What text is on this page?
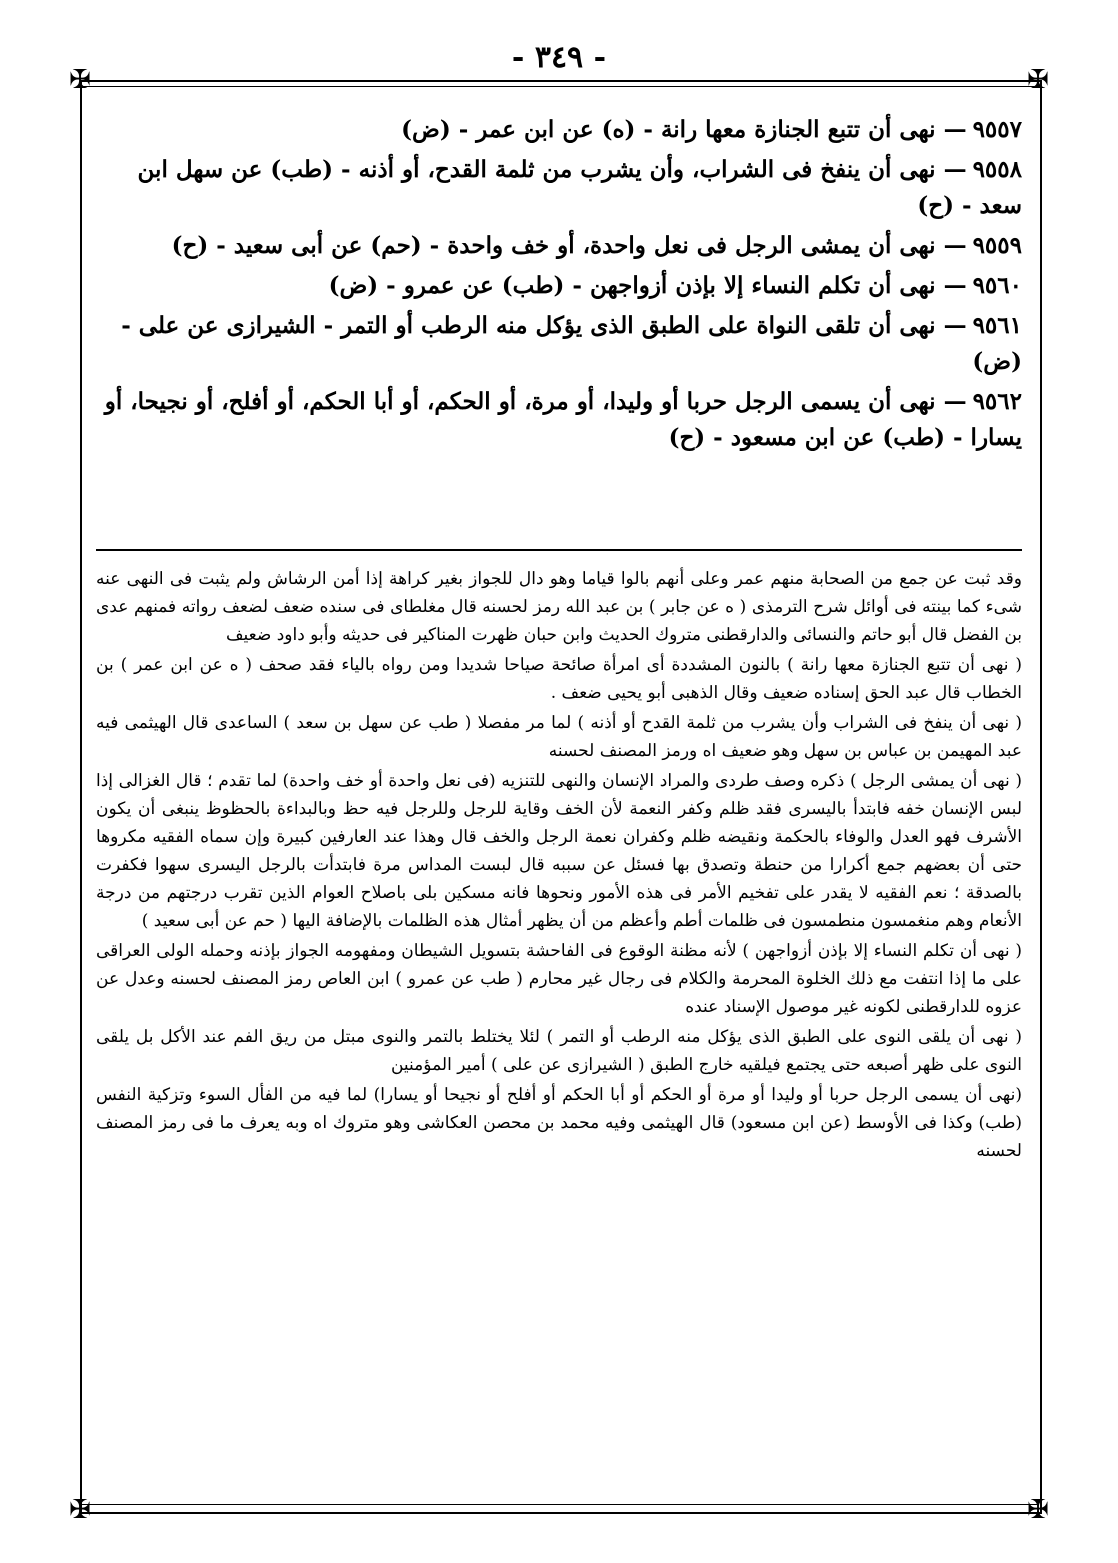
- ٣٤٩ -
✠	✠
✠	✠

٩٥٥٧— نهى أن تتبع الجنازة معها رانة - (ه) عن ابن عمر - (ض)

٩٥٥٨— نهى أن ينفخ فى الشراب، وأن يشرب من ثلمة القدح، أو أذنه - (طب) عن سهل ابن سعد - (ح)

٩٥٥٩— نهى أن يمشى الرجل فى نعل واحدة، أو خف واحدة - (حم) عن أبى سعيد - (ح)

٩٥٦٠— نهى أن تكلم النساء إلا بإذن أزواجهن - (طب) عن عمرو - (ض)

٩٥٦١— نهى أن تلقى النواة على الطبق الذى يؤكل منه الرطب أو التمر - الشيرازى عن على - (ض)

٩٥٦٢— نهى أن يسمى الرجل حربا أو وليدا، أو مرة، أو الحكم، أو أبا الحكم، أو أفلح، أو نجيحا، أو يسارا - (طب) عن ابن مسعود - (ح)

وقد ثبت عن جمع من الصحابة منهم عمر وعلى أنهم بالوا قياما وهو دال للجواز بغير كراهة إذا أمن الرشاش ولم يثبت فى النهى عنه شىء كما بينته فى أوائل شرح الترمذى ( ه عن جابر ) بن عبد الله رمز لحسنه قال مغلطاى فى سنده ضعف لضعف رواته فمنهم عدى بن الفضل قال أبو حاتم والنسائى والدارقطنى متروك الحديث وابن حبان ظهرت المناكير فى حديثه وأبو داود ضعيف

( نهى أن تتبع الجنازة معها رانة ) بالنون المشددة أى امرأة صائحة صياحا شديدا ومن رواه بالياء فقد صحف ( ه عن ابن عمر ) بن الخطاب قال عبد الحق إسناده ضعيف وقال الذهبى أبو يحيى ضعف .

( نهى أن ينفخ فى الشراب وأن يشرب من ثلمة القدح أو أذنه ) لما مر مفصلا ( طب عن سهل بن سعد ) الساعدى قال الهيثمى فيه عبد المهيمن بن عباس بن سهل وهو ضعيف اه ورمز المصنف لحسنه

( نهى أن يمشى الرجل ) ذكره وصف طردى والمراد الإنسان والنهى للتنزيه (فى نعل واحدة أو خف واحدة) لما تقدم ؛ قال الغزالى إذا لبس الإنسان خفه فابتدأ باليسرى فقد ظلم وكفر النعمة لأن الخف وقاية للرجل وللرجل فيه حظ وبالبداءة بالحظوظ ينبغى أن يكون الأشرف فهو العدل والوفاء بالحكمة ونقيضه ظلم وكفران نعمة الرجل والخف قال وهذا عند العارفين كبيرة وإن سماه الفقيه مكروها حتى أن بعضهم جمع أكرارا من حنطة وتصدق بها فسئل عن سببه قال لبست المداس مرة فابتدأت بالرجل اليسرى سهوا فكفرت بالصدقة ؛ نعم الفقيه لا يقدر على تفخيم الأمر فى هذه الأمور ونحوها فانه مسكين بلى باصلاح العوام الذين تقرب درجتهم من درجة الأنعام وهم منغمسون منطمسون فى ظلمات أطم وأعظم من أن يظهر أمثال هذه الظلمات بالإضافة اليها ( حم عن أبى سعيد )

( نهى أن تكلم النساء إلا بإذن أزواجهن ) لأنه مظنة الوقوع فى الفاحشة بتسويل الشيطان ومفهومه الجواز بإذنه وحمله الولى العراقى على ما إذا انتفت مع ذلك الخلوة المحرمة والكلام فى رجال غير محارم ( طب عن عمرو ) ابن العاص رمز المصنف لحسنه وعدل عن عزوه للدارقطنى لكونه غير موصول الإسناد عنده

( نهى أن يلقى النوى على الطبق الذى يؤكل منه الرطب أو التمر ) لئلا يختلط بالتمر والنوى مبتل من ريق الفم عند الأكل بل يلقى النوى على ظهر أصبعه حتى يجتمع فيلقيه خارج الطبق ( الشيرازى عن على ) أمير المؤمنين

(نهى أن يسمى الرجل حربا أو وليدا أو مرة أو الحكم أو أبا الحكم أو أفلح أو نجيحا أو يسارا) لما فيه من الفأل السوء وتزكية النفس (طب) وكذا فى الأوسط (عن ابن مسعود) قال الهيثمى وفيه محمد بن محصن العكاشى وهو متروك اه وبه يعرف ما فى رمز المصنف لحسنه
